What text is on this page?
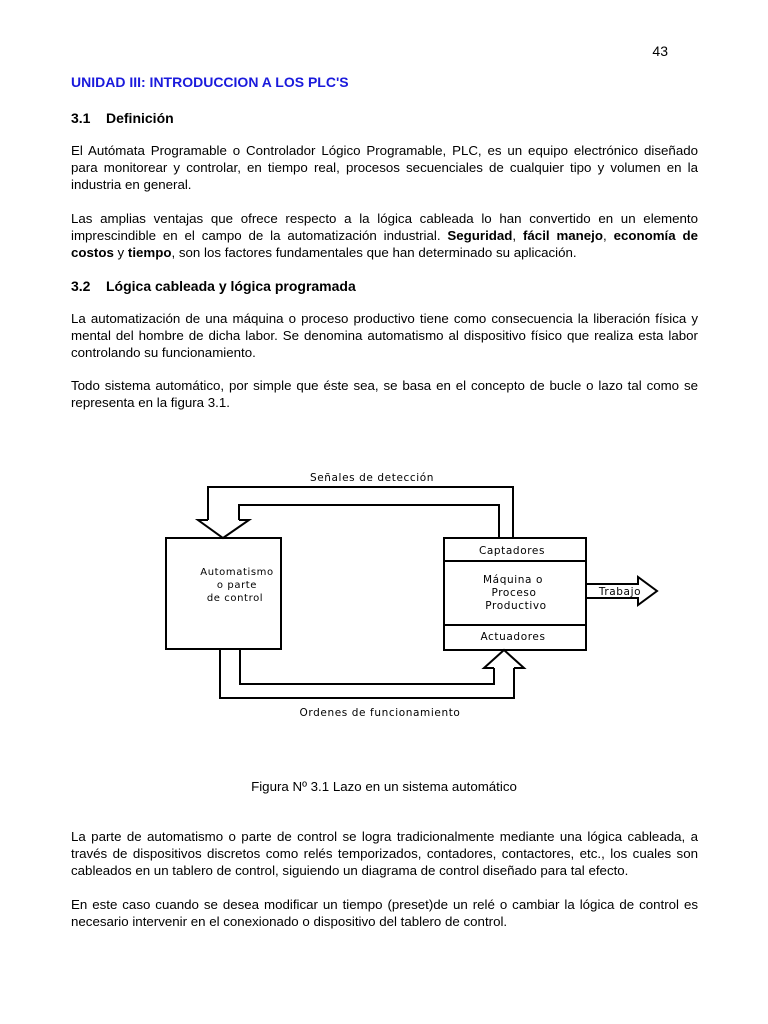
43
UNIDAD III: INTRODUCCION A LOS PLC'S
3.1 Definición

El Autómata Programable o Controlador Lógico Programable, PLC, es un equipo electrónico diseñado para monitorear y controlar, en tiempo real, procesos secuenciales de cualquier tipo y volumen en la industria en general.

Las amplias ventajas que ofrece respecto a la lógica cableada lo han convertido en un elemento imprescindible en el campo de la automatización industrial. Seguridad, fácil manejo, economía de costos y tiempo, son los factores fundamentales que han determinado su aplicación.

3.2 Lógica cableada y lógica programada

La automatización de una máquina o proceso productivo tiene como consecuencia la liberación física y mental del hombre de dicha labor. Se denomina automatismo al dispositivo físico que realiza esta labor controlando su funcionamiento.

Todo sistema automático, por simple que éste sea, se basa en el concepto de bucle o lazo tal como se representa en la figura 3.1.

Señales de detección
Ordenes de funcionamiento
Automatismo
o parte
de control
Captadores
Máquina o
Proceso
Productivo
Actuadores
Trabajo
Figura Nº 3.1 Lazo en un sistema automático

La parte de automatismo o parte de control se logra tradicionalmente mediante una lógica cableada, a través de dispositivos discretos como relés temporizados, contadores, contactores, etc., los cuales son cableados en un tablero de control, siguiendo un diagrama de control diseñado para tal efecto.

En este caso cuando se desea modificar un tiempo (preset)de un relé o cambiar la lógica de control es necesario intervenir en el conexionado o dispositivo del tablero de control.
